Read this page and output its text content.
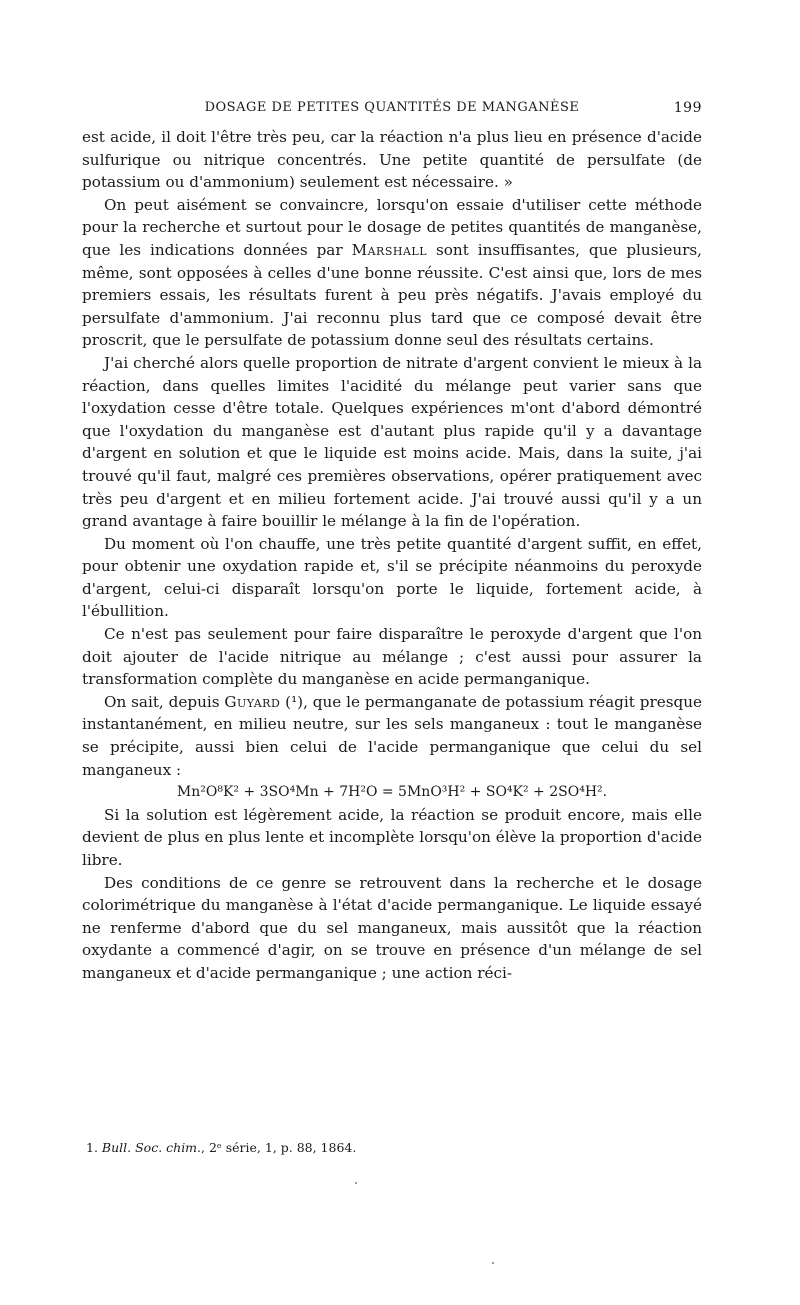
DOSAGE DE PETITES QUANTITÉS DE MANGANÈSE	199

est acide, il doit l'être très peu, car la réaction n'a plus lieu en présence d'acide sulfurique ou nitrique concentrés. Une petite quantité de persulfate (de potassium ou d'ammonium) seulement est nécessaire. »

On peut aisément se convaincre, lorsqu'on essaie d'utiliser cette méthode pour la recherche et surtout pour le dosage de petites quantités de manganèse, que les indications données par Marshall sont insuffisantes, que plusieurs, même, sont opposées à celles d'une bonne réussite. C'est ainsi que, lors de mes premiers essais, les résultats furent à peu près négatifs. J'avais employé du persulfate d'ammonium. J'ai reconnu plus tard que ce composé devait être proscrit, que le persulfate de potassium donne seul des résultats certains.

J'ai cherché alors quelle proportion de nitrate d'argent convient le mieux à la réaction, dans quelles limites l'acidité du mélange peut varier sans que l'oxydation cesse d'être totale. Quelques expériences m'ont d'abord démontré que l'oxydation du manganèse est d'autant plus rapide qu'il y a davantage d'argent en solution et que le liquide est moins acide. Mais, dans la suite, j'ai trouvé qu'il faut, malgré ces premières observations, opérer pratiquement avec très peu d'argent et en milieu fortement acide. J'ai trouvé aussi qu'il y a un grand avantage à faire bouillir le mélange à la fin de l'opération.

Du moment où l'on chauffe, une très petite quantité d'argent suffit, en effet, pour obtenir une oxydation rapide et, s'il se précipite néanmoins du peroxyde d'argent, celui-ci disparaît lorsqu'on porte le liquide, fortement acide, à l'ébullition.

Ce n'est pas seulement pour faire disparaître le peroxyde d'argent que l'on doit ajouter de l'acide nitrique au mélange ; c'est aussi pour assurer la transformation complète du manganèse en acide permanganique.

On sait, depuis Guyard (¹), que le permanganate de potassium réagit presque instantanément, en milieu neutre, sur les sels manganeux : tout le manganèse se précipite, aussi bien celui de l'acide permanganique que celui du sel manganeux :

Mn²O⁸K² + 3SO⁴Mn + 7H²O = 5MnO³H² + SO⁴K² + 2SO⁴H².

Si la solution est légèrement acide, la réaction se produit encore, mais elle devient de plus en plus lente et incomplète lorsqu'on élève la proportion d'acide libre.

Des conditions de ce genre se retrouvent dans la recherche et le dosage colorimétrique du manganèse à l'état d'acide permanganique. Le liquide essayé ne renferme d'abord que du sel manganeux, mais aussitôt que la réaction oxydante a commencé d'agir, on se trouve en présence d'un mélange de sel manganeux et d'acide permanganique ; une action réci-

1. Bull. Soc. chim., 2ᵉ série, 1, p. 88, 1864.
